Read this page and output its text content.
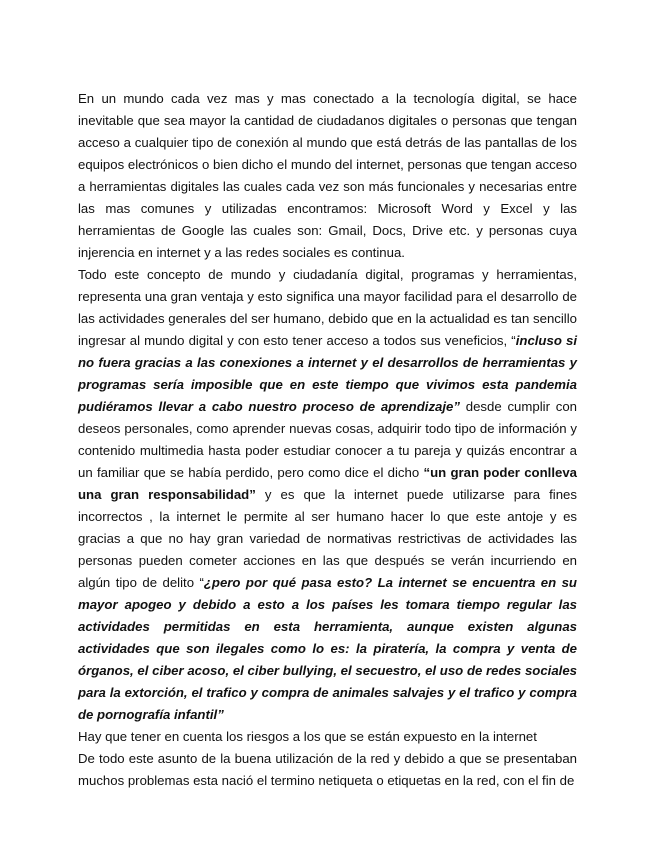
En un mundo cada vez mas y mas conectado a la tecnología digital, se hace inevitable que sea mayor la cantidad de ciudadanos digitales o personas que tengan acceso a cualquier tipo de conexión al mundo que está detrás de las pantallas de los equipos electrónicos o bien dicho el mundo del internet, personas que tengan acceso a herramientas digitales las cuales cada vez son más funcionales y necesarias entre las mas comunes y utilizadas encontramos: Microsoft Word y Excel y las herramientas de Google las cuales son: Gmail, Docs, Drive etc. y personas cuya injerencia en internet y a las redes sociales es continua.

Todo este concepto de mundo y ciudadanía digital, programas y herramientas, representa una gran ventaja y esto significa una mayor facilidad para el desarrollo de las actividades generales del ser humano, debido que en la actualidad es tan sencillo ingresar al mundo digital y con esto tener acceso a todos sus veneficios, “incluso si no fuera gracias a las conexiones a internet y el desarrollos de herramientas y programas sería imposible que en este tiempo que vivimos esta pandemia pudiéramos llevar a cabo nuestro proceso de aprendizaje” desde cumplir con deseos personales, como aprender nuevas cosas, adquirir todo tipo de información y contenido multimedia hasta poder estudiar conocer a tu pareja y quizás encontrar a un familiar que se había perdido, pero como dice el dicho “un gran poder conlleva una gran responsabilidad” y es que la internet puede utilizarse para fines incorrectos , la internet le permite al ser humano hacer lo que este antoje y es gracias a que no hay gran variedad de normativas restrictivas de actividades las personas pueden cometer acciones en las que después se verán incurriendo en algún tipo de delito “¿pero por qué pasa esto? La internet se encuentra en su mayor apogeo y debido a esto a los países les tomara tiempo regular las actividades permitidas en esta herramienta, aunque existen algunas actividades que son ilegales como lo es: la piratería, la compra y venta de órganos, el ciber acoso, el ciber bullying, el secuestro, el uso de redes sociales para la extorción, el trafico y compra de animales salvajes y el trafico y compra de pornografía infantil”

Hay que tener en cuenta los riesgos a los que se están expuesto en la internet

De todo este asunto de la buena utilización de la red y debido a que se presentaban muchos problemas esta nació el termino netiqueta o etiquetas en la red, con el fin de
